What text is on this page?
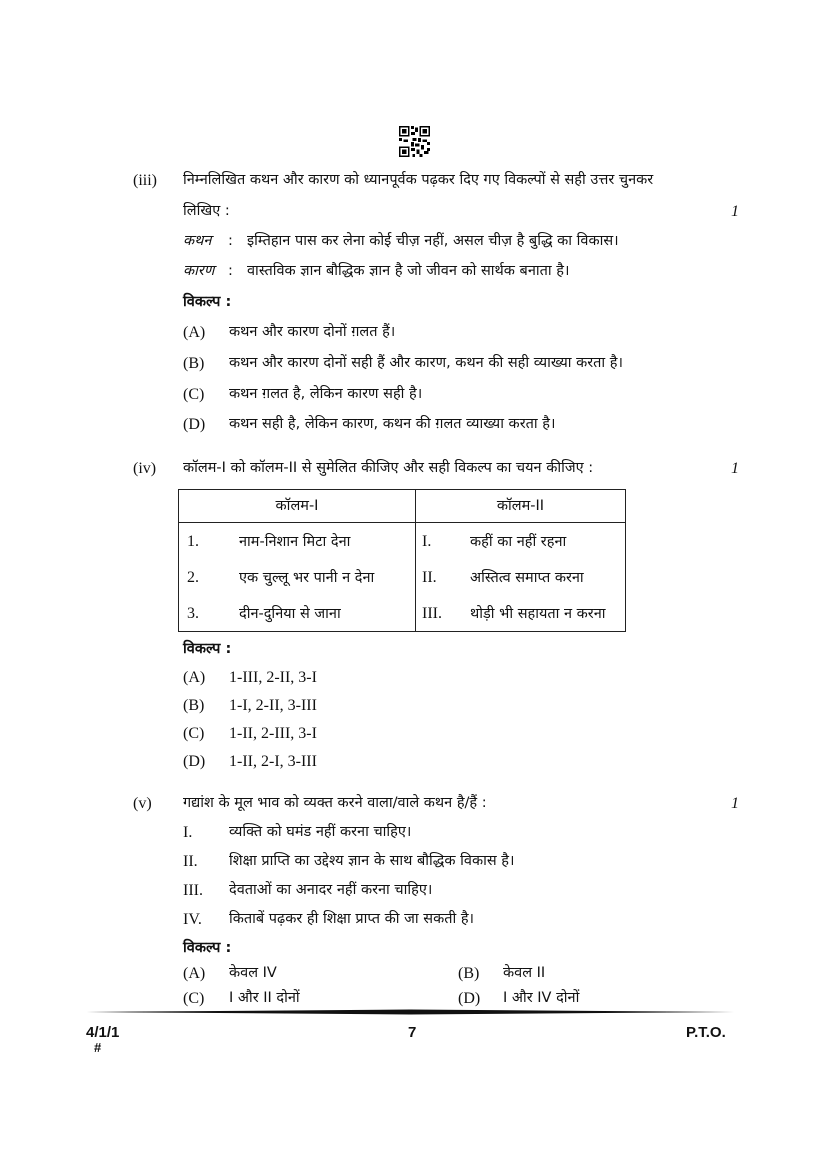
(iii) निम्नलिखित कथन और कारण को ध्यानपूर्वक पढ़कर दिए गए विकल्पों से सही उत्तर चुनकर
लिखिए :	1
कथन : इम्तिहान पास कर लेना कोई चीज़ नहीं, असल चीज़ है बुद्धि का विकास।
कारण : वास्तविक ज्ञान बौद्धिक ज्ञान है जो जीवन को सार्थक बनाता है।
विकल्प :
(A) कथन और कारण दोनों ग़लत हैं।
(B) कथन और कारण दोनों सही हैं और कारण, कथन की सही व्याख्या करता है।
(C) कथन ग़लत है, लेकिन कारण सही है।
(D) कथन सही है, लेकिन कारण, कथन की ग़लत व्याख्या करता है।
(iv) कॉलम-I को कॉलम-II से सुमेलित कीजिए और सही विकल्प का चयन कीजिए :	1
कॉलम-I	कॉलम-II
1. नाम-निशान मिटा देना	I. कहीं का नहीं रहना
2. एक चुल्लू भर पानी न देना	II. अस्तित्व समाप्त करना
3. दीन-दुनिया से जाना	III. थोड़ी भी सहायता न करना
विकल्प :
(A) 1-III, 2-II, 3-I
(B) 1-I, 2-II, 3-III
(C) 1-II, 2-III, 3-I
(D) 1-II, 2-I, 3-III
(v) गद्यांश के मूल भाव को व्यक्त करने वाला/वाले कथन है/हैं :	1
I.	व्यक्ति को घमंड नहीं करना चाहिए।
II. शिक्षा प्राप्ति का उद्देश्य ज्ञान के साथ बौद्धिक विकास है।
III. देवताओं का अनादर नहीं करना चाहिए।
IV. किताबें पढ़कर ही शिक्षा प्राप्त की जा सकती है।
विकल्प :
(A) केवल IV	(B) केवल II
(C) I और II दोनों	(D) I और IV दोनों
4/1/1
#
7	P.T.O.
